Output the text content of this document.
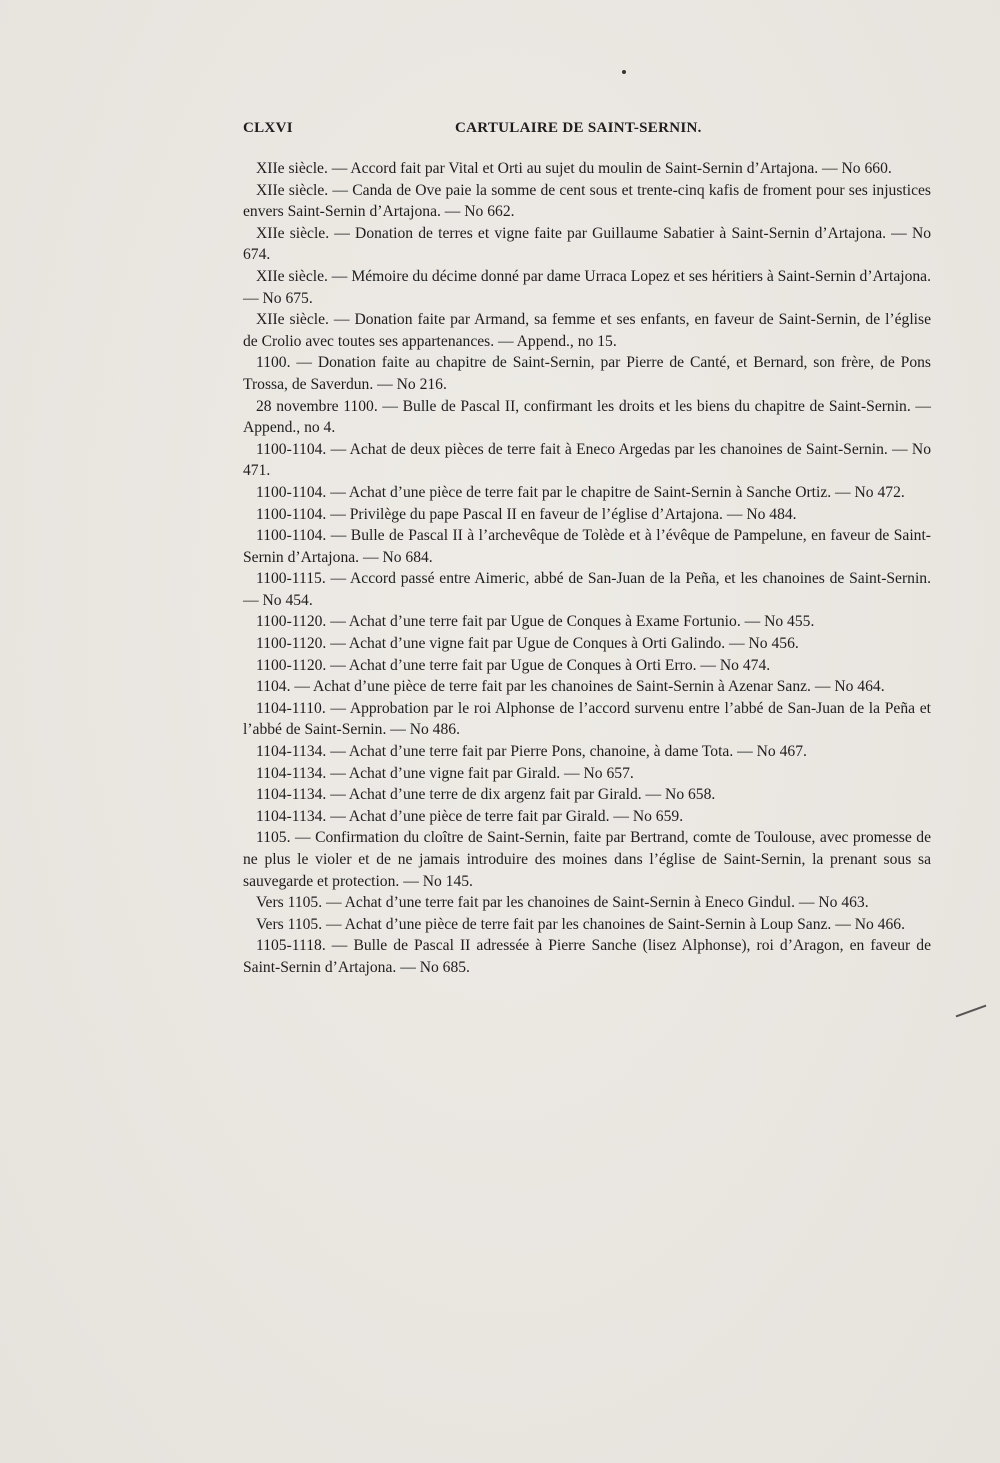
CLXVI	CARTULAIRE DE SAINT-SERNIN.

XIIe siècle. — Accord fait par Vital et Orti au sujet du moulin de Saint-Sernin d’Artajona. — No 660.

XIIe siècle. — Canda de Ove paie la somme de cent sous et trente-cinq kafis de froment pour ses injustices envers Saint-Sernin d’Artajona. — No 662.

XIIe siècle. — Donation de terres et vigne faite par Guillaume Sabatier à Saint-Sernin d’Artajona. — No 674.

XIIe siècle. — Mémoire du décime donné par dame Urraca Lopez et ses héritiers à Saint-Sernin d’Artajona. — No 675.

XIIe siècle. — Donation faite par Armand, sa femme et ses enfants, en faveur de Saint-Sernin, de l’église de Crolio avec toutes ses appartenances. — Append., no 15.

1100. — Donation faite au chapitre de Saint-Sernin, par Pierre de Canté, et Bernard, son frère, de Pons Trossa, de Saverdun. — No 216.

28 novembre 1100. — Bulle de Pascal II, confirmant les droits et les biens du chapitre de Saint-Sernin. — Append., no 4.

1100-1104. — Achat de deux pièces de terre fait à Eneco Argedas par les chanoines de Saint-Sernin. — No 471.

1100-1104. — Achat d’une pièce de terre fait par le chapitre de Saint-Sernin à Sanche Ortiz. — No 472.

1100-1104. — Privilège du pape Pascal II en faveur de l’église d’Artajona. — No 484.

1100-1104. — Bulle de Pascal II à l’archevêque de Tolède et à l’évêque de Pampelune, en faveur de Saint-Sernin d’Artajona. — No 684.

1100-1115. — Accord passé entre Aimeric, abbé de San-Juan de la Peña, et les chanoines de Saint-Sernin. — No 454.

1100-1120. — Achat d’une terre fait par Ugue de Conques à Exame Fortunio. — No 455.

1100-1120. — Achat d’une vigne fait par Ugue de Conques à Orti Galindo. — No 456.

1100-1120. — Achat d’une terre fait par Ugue de Conques à Orti Erro. — No 474.

1104. — Achat d’une pièce de terre fait par les chanoines de Saint-Sernin à Azenar Sanz. — No 464.

1104-1110. — Approbation par le roi Alphonse de l’accord survenu entre l’abbé de San-Juan de la Peña et l’abbé de Saint-Sernin. — No 486.

1104-1134. — Achat d’une terre fait par Pierre Pons, chanoine, à dame Tota. — No 467.

1104-1134. — Achat d’une vigne fait par Girald. — No 657.

1104-1134. — Achat d’une terre de dix argenz fait par Girald. — No 658.

1104-1134. — Achat d’une pièce de terre fait par Girald. — No 659.

1105. — Confirmation du cloître de Saint-Sernin, faite par Bertrand, comte de Toulouse, avec promesse de ne plus le violer et de ne jamais introduire des moines dans l’église de Saint-Sernin, la prenant sous sa sauvegarde et protection. — No 145.

Vers 1105. — Achat d’une terre fait par les chanoines de Saint-Sernin à Eneco Gindul. — No 463.

Vers 1105. — Achat d’une pièce de terre fait par les chanoines de Saint-Sernin à Loup Sanz. — No 466.

1105-1118. — Bulle de Pascal II adressée à Pierre Sanche (lisez Alphonse), roi d’Aragon, en faveur de Saint-Sernin d’Artajona. — No 685.
